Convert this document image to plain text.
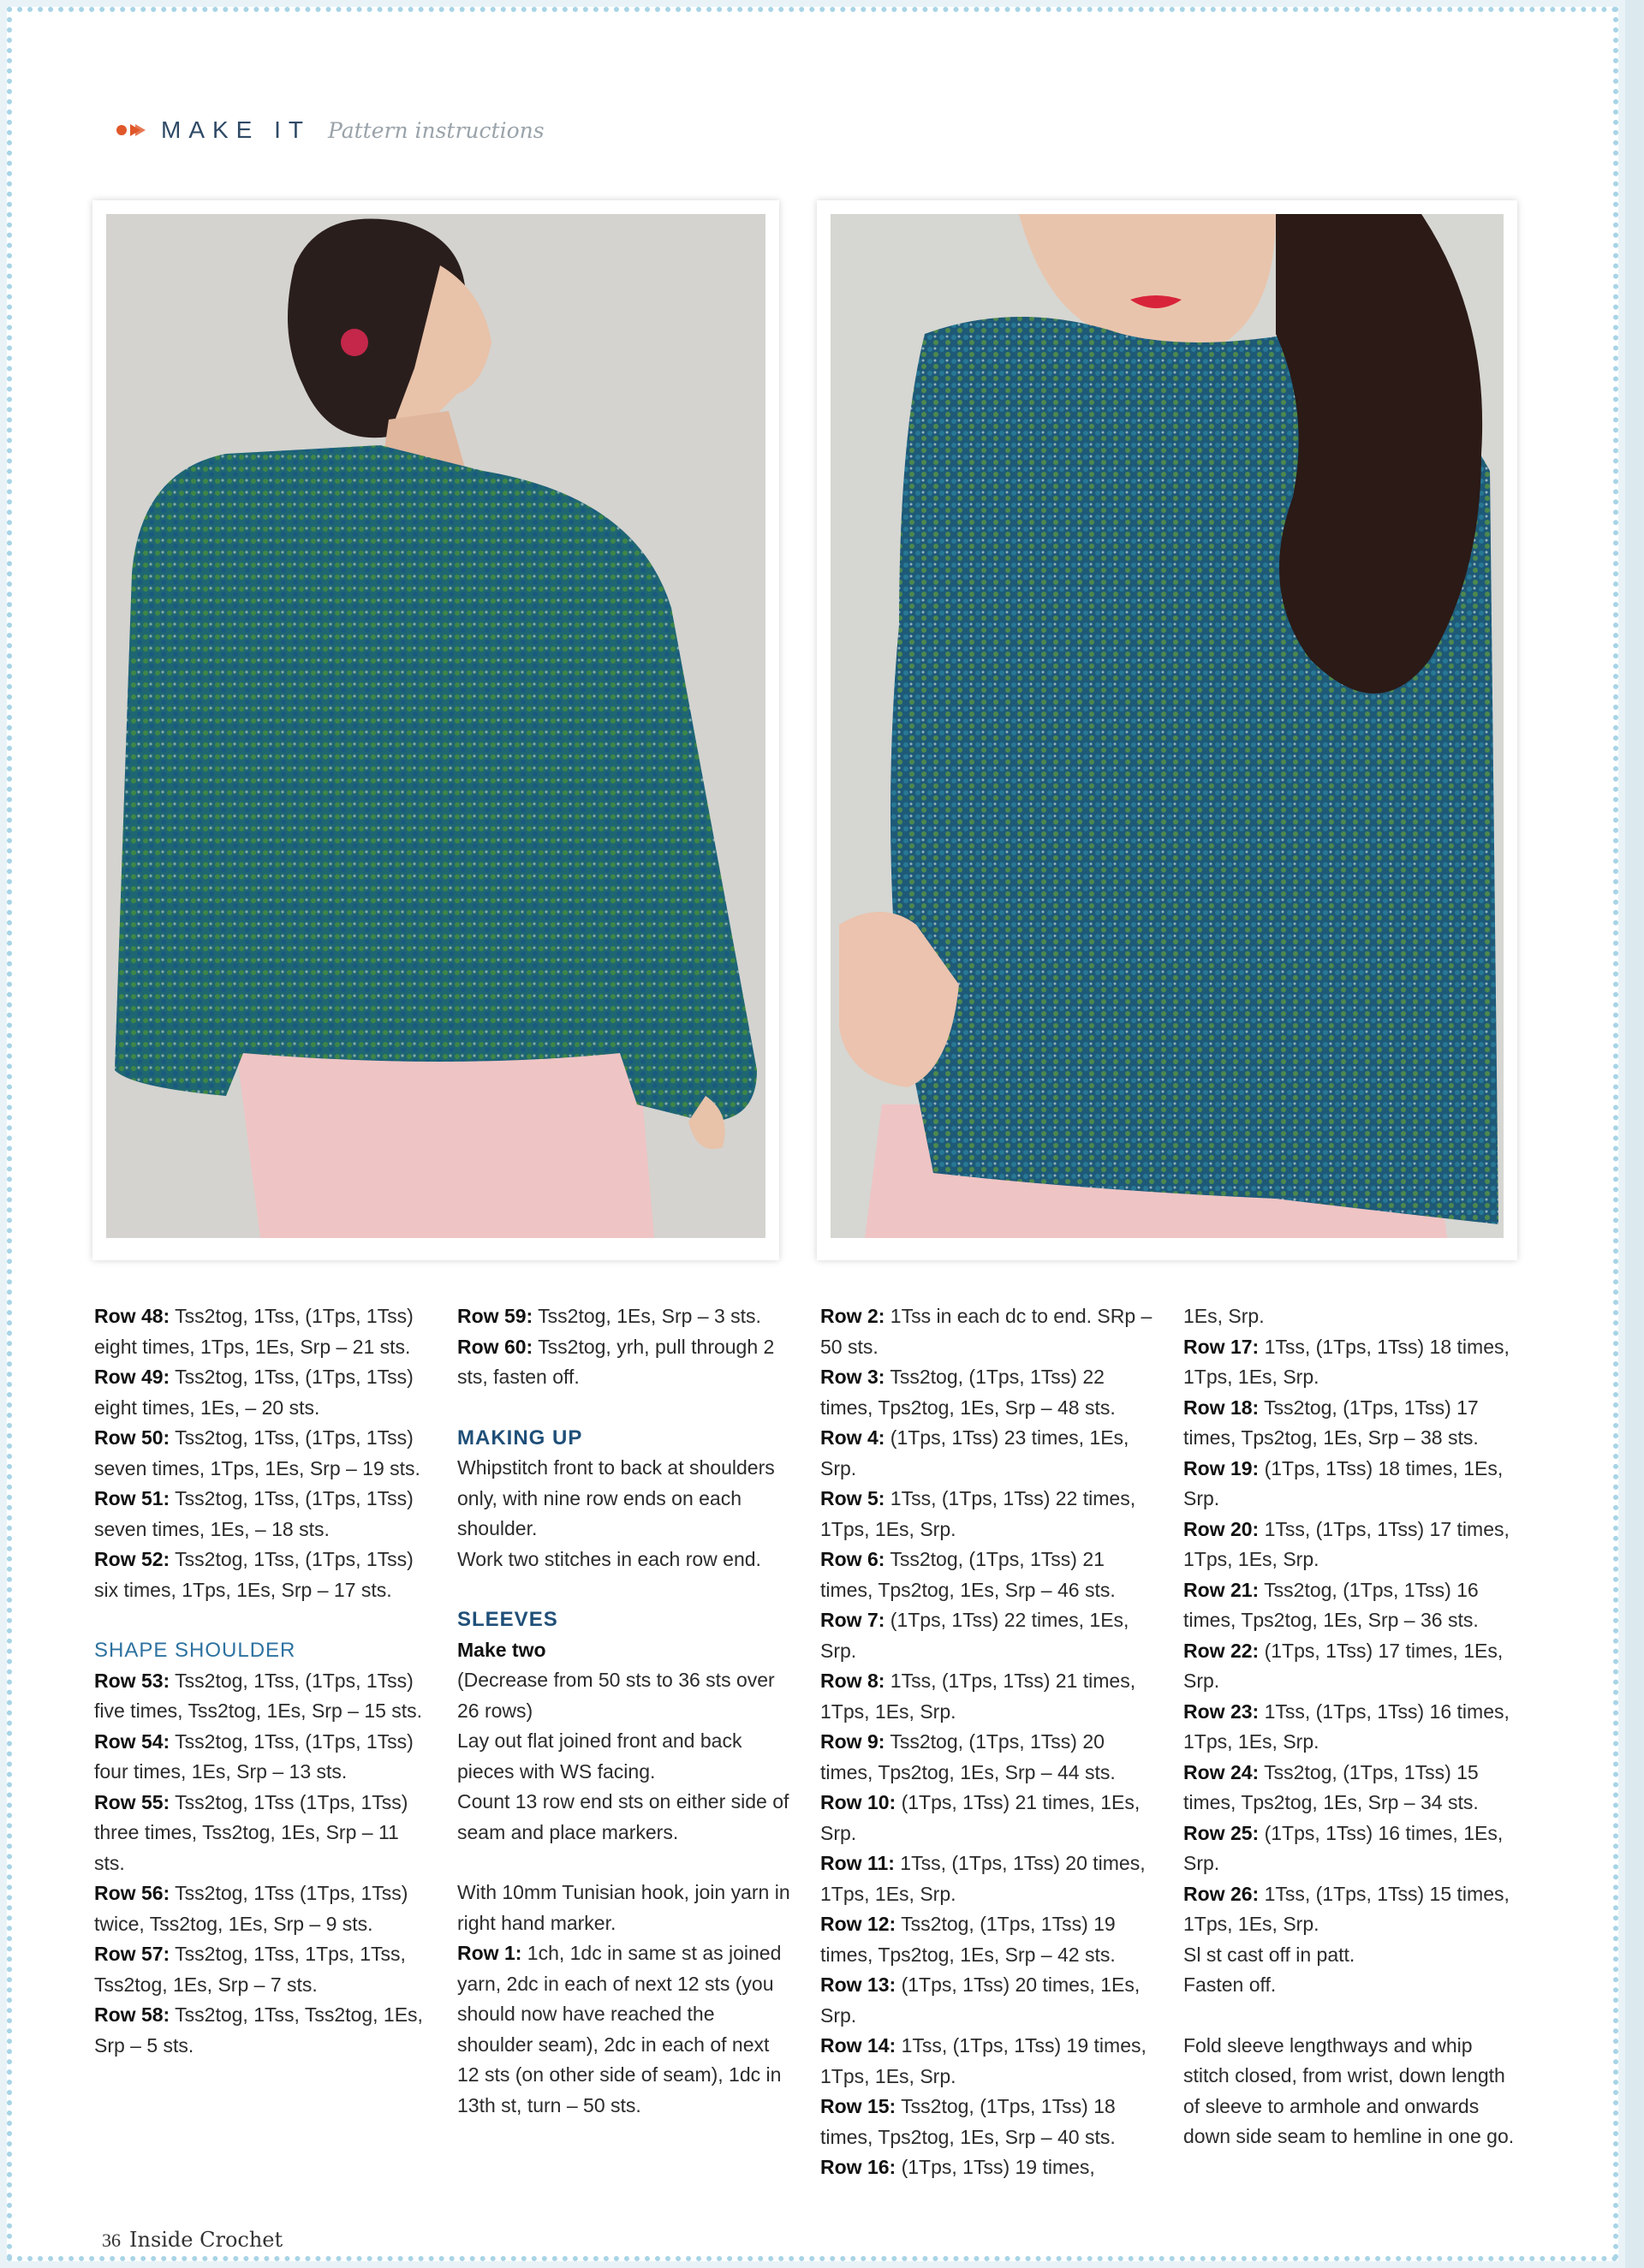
MAKE IT Pattern instructions

Row 48: Tss2tog, 1Tss, (1Tps, 1Tss) eight times, 1Tps, 1Es, Srp – 21 sts.

Row 49: Tss2tog, 1Tss, (1Tps, 1Tss) eight times, 1Es, – 20 sts.

Row 50: Tss2tog, 1Tss, (1Tps, 1Tss) seven times, 1Tps, 1Es, Srp – 19 sts.

Row 51: Tss2tog, 1Tss, (1Tps, 1Tss) seven times, 1Es, – 18 sts.

Row 52: Tss2tog, 1Tss, (1Tps, 1Tss) six times, 1Tps, 1Es, Srp – 17 sts.

SHAPE SHOULDER

Row 53: Tss2tog, 1Tss, (1Tps, 1Tss) five times, Tss2tog, 1Es, Srp – 15 sts.

Row 54: Tss2tog, 1Tss, (1Tps, 1Tss) four times, 1Es, Srp – 13 sts.

Row 55: Tss2tog, 1Tss (1Tps, 1Tss) three times, Tss2tog, 1Es, Srp – 11 sts.

Row 56: Tss2tog, 1Tss (1Tps, 1Tss) twice, Tss2tog, 1Es, Srp – 9 sts.

Row 57: Tss2tog, 1Tss, 1Tps, 1Tss, Tss2tog, 1Es, Srp – 7 sts.

Row 58: Tss2tog, 1Tss, Tss2tog, 1Es, Srp – 5 sts.

Row 59: Tss2tog, 1Es, Srp – 3 sts.

Row 60: Tss2tog, yrh, pull through 2 sts, fasten off.

MAKING UP

Whipstitch front to back at shoulders only, with nine row ends on each shoulder.

Work two stitches in each row end.

SLEEVES

Make two

(Decrease from 50 sts to 36 sts over 26 rows)

Lay out flat joined front and back pieces with WS facing.

Count 13 row end sts on either side of seam and place markers.

With 10mm Tunisian hook, join yarn in right hand marker.

Row 1: 1ch, 1dc in same st as joined yarn, 2dc in each of next 12 sts (you should now have reached the shoulder seam), 2dc in each of next 12 sts (on other side of seam), 1dc in 13th st, turn – 50 sts.

Row 2: 1Tss in each dc to end. SRp – 50 sts.

Row 3: Tss2tog, (1Tps, 1Tss) 22 times, Tps2tog, 1Es, Srp – 48 sts.

Row 4: (1Tps, 1Tss) 23 times, 1Es, Srp.

Row 5: 1Tss, (1Tps, 1Tss) 22 times, 1Tps, 1Es, Srp.

Row 6: Tss2tog, (1Tps, 1Tss) 21 times, Tps2tog, 1Es, Srp – 46 sts.

Row 7: (1Tps, 1Tss) 22 times, 1Es, Srp.

Row 8: 1Tss, (1Tps, 1Tss) 21 times, 1Tps, 1Es, Srp.

Row 9: Tss2tog, (1Tps, 1Tss) 20 times, Tps2tog, 1Es, Srp – 44 sts.

Row 10: (1Tps, 1Tss) 21 times, 1Es, Srp.

Row 11: 1Tss, (1Tps, 1Tss) 20 times, 1Tps, 1Es, Srp.

Row 12: Tss2tog, (1Tps, 1Tss) 19 times, Tps2tog, 1Es, Srp – 42 sts.

Row 13: (1Tps, 1Tss) 20 times, 1Es, Srp.

Row 14: 1Tss, (1Tps, 1Tss) 19 times, 1Tps, 1Es, Srp.

Row 15: Tss2tog, (1Tps, 1Tss) 18 times, Tps2tog, 1Es, Srp – 40 sts.

Row 16: (1Tps, 1Tss) 19 times,

1Es, Srp.

Row 17: 1Tss, (1Tps, 1Tss) 18 times, 1Tps, 1Es, Srp.

Row 18: Tss2tog, (1Tps, 1Tss) 17 times, Tps2tog, 1Es, Srp – 38 sts.

Row 19: (1Tps, 1Tss) 18 times, 1Es, Srp.

Row 20: 1Tss, (1Tps, 1Tss) 17 times, 1Tps, 1Es, Srp.

Row 21: Tss2tog, (1Tps, 1Tss) 16 times, Tps2tog, 1Es, Srp – 36 sts.

Row 22: (1Tps, 1Tss) 17 times, 1Es, Srp.

Row 23: 1Tss, (1Tps, 1Tss) 16 times, 1Tps, 1Es, Srp.

Row 24: Tss2tog, (1Tps, 1Tss) 15 times, Tps2tog, 1Es, Srp – 34 sts.

Row 25: (1Tps, 1Tss) 16 times, 1Es, Srp.

Row 26: 1Tss, (1Tps, 1Tss) 15 times, 1Tps, 1Es, Srp.

Sl st cast off in patt.

Fasten off.

Fold sleeve lengthways and whip stitch closed, from wrist, down length of sleeve to armhole and onwards down side seam to hemline in one go.

36 Inside Crochet
